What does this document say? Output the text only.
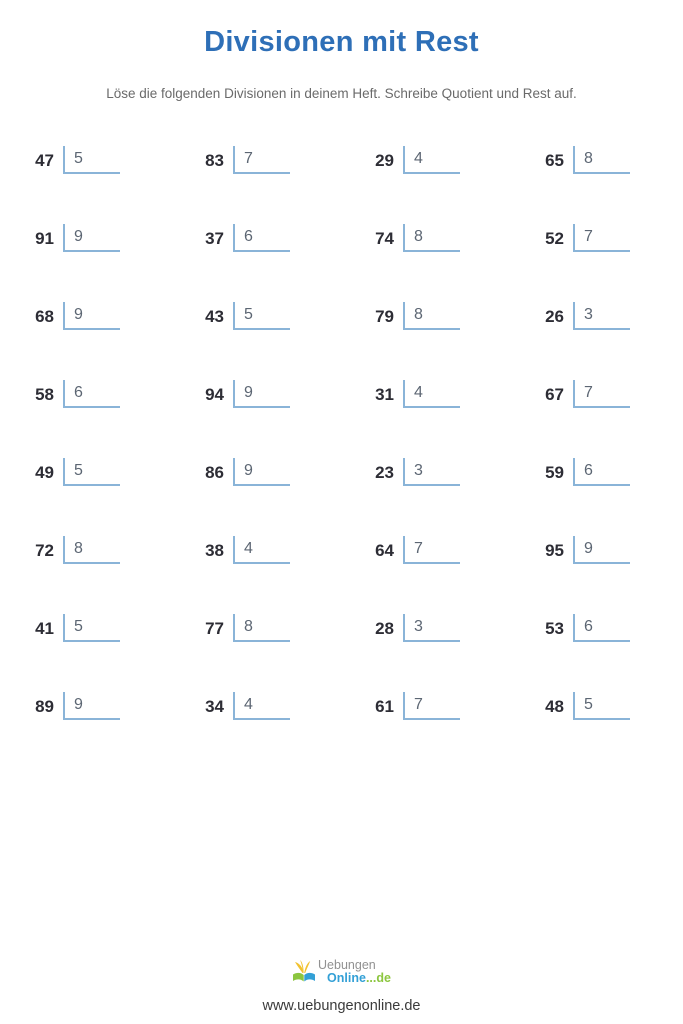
Divisionen mit Rest

Löse die folgenden Divisionen in deinem Heft. Schreibe Quotient und Rest auf.

47	5	83	7	29	4	65	8
91	9	37	6	74	8	52	7
68	9	43	5	79	8	26	3
58	6	94	9	31	4	67	7
49	5	86	9	23	3	59	6
72	8	38	4	64	7	95	9
41	5	77	8	28	3	53	6
89	9	34	4	61	7	48	5
Uebungen
Online...de
www.uebungenonline.de
